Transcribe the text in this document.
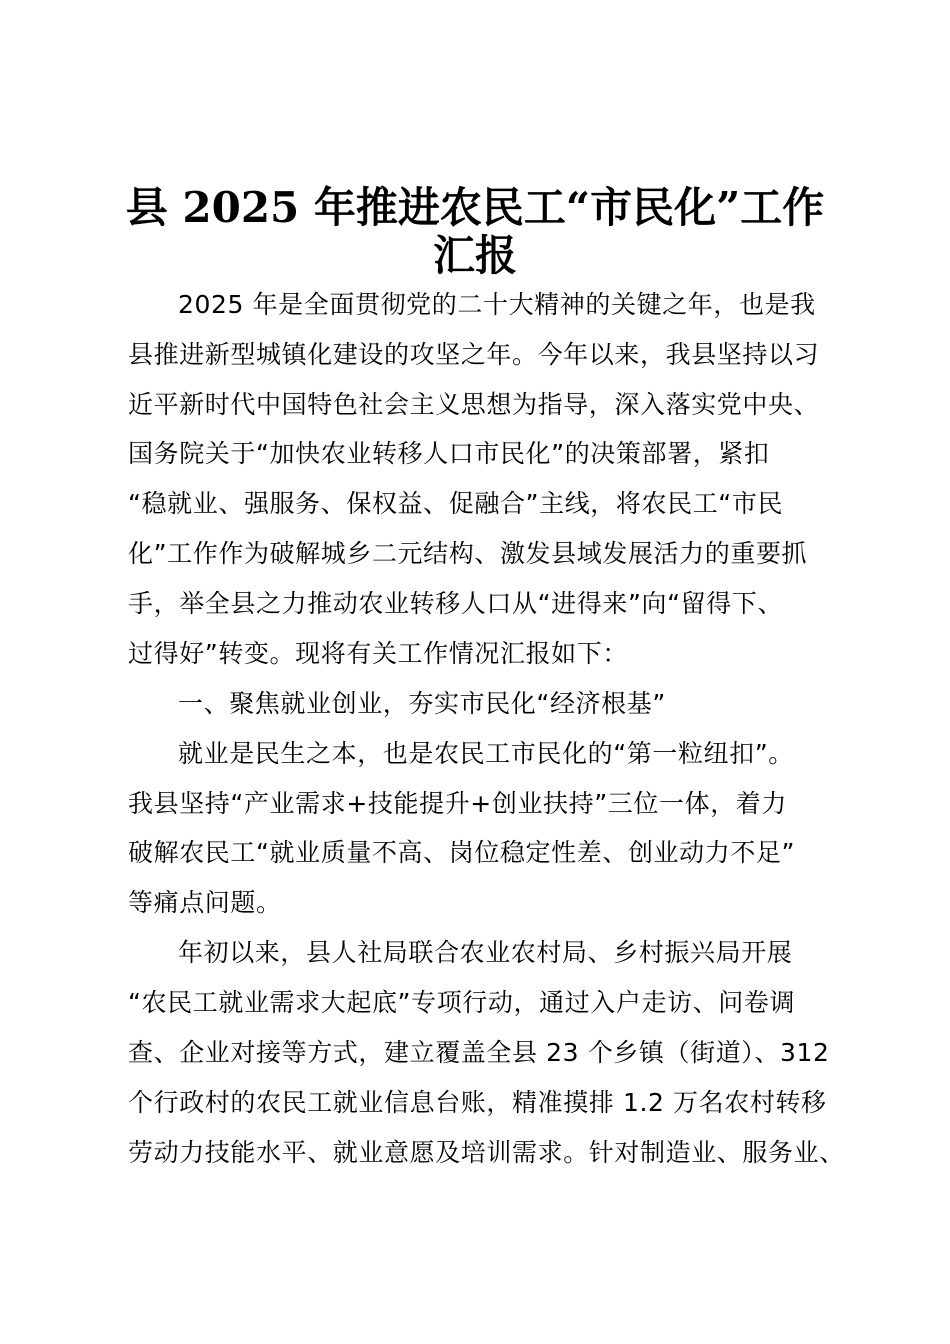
县 2025 年推进农民工“市民化”工作
汇报
2025 年是全面贯彻党的二十大精神的关键之年，也是我
县推进新型城镇化建设的攻坚之年。今年以来，我县坚持以习
近平新时代中国特色社会主义思想为指导，深入落实党中央、
国务院关于“加快农业转移人口市民化”的决策部署，紧扣
“稳就业、强服务、保权益、促融合”主线，将农民工“市民
化”工作作为破解城乡二元结构、激发县域发展活力的重要抓
手，举全县之力推动农业转移人口从“进得来”向“留得下、
过得好”转变。现将有关工作情况汇报如下：
一、聚焦就业创业，夯实市民化“经济根基”
就业是民生之本，也是农民工市民化的“第一粒纽扣”。
我县坚持“产业需求+技能提升+创业扶持”三位一体，着力
破解农民工“就业质量不高、岗位稳定性差、创业动力不足”
等痛点问题。
年初以来，县人社局联合农业农村局、乡村振兴局开展
“农民工就业需求大起底”专项行动，通过入户走访、问卷调
查、企业对接等方式，建立覆盖全县 23 个乡镇（街道）、312
个行政村的农民工就业信息台账，精准摸排 1.2 万名农村转移
劳动力技能水平、就业意愿及培训需求。针对制造业、服务业、
